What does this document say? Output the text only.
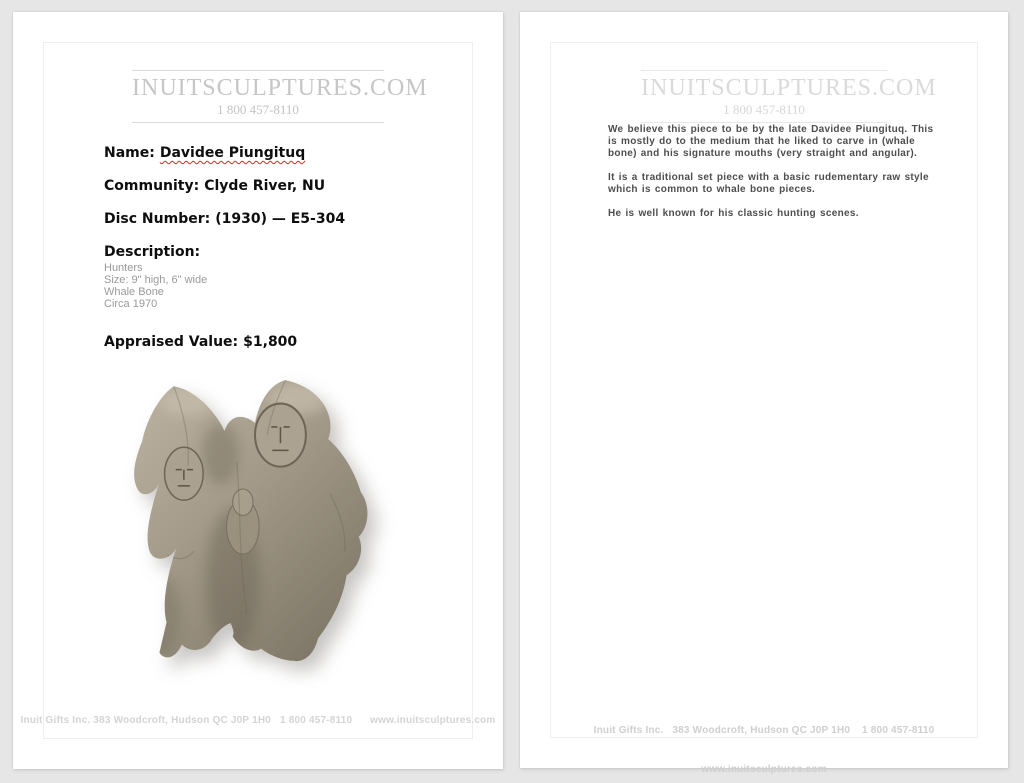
INUITSCULPTURES.COM
1 800 457-8110
Name: Davidee Piungituq
Community: Clyde River, NU
Disc Number: (1930) — E5-304
Description:
Hunters
Size: 9" high, 6" wide
Whale Bone
Circa 1970
Appraised Value: $1,800
Inuit Gifts Inc. 383 Woodcroft, Hudson QC J0P 1H0   1 800 457-8110      www.inuitsculptures.com
INUITSCULPTURES.COM
1 800 457-8110

We believe this piece to be by the late Davidee Piungituq. This is mostly do to the medium that he liked to carve in (whale bone) and his signature mouths (very straight and angular).

It is a traditional set piece with a basic rudementary raw style which is common to whale bone pieces.

He is well known for his classic hunting scenes.

Inuit Gifts Inc.   383 Woodcroft, Hudson QC J0P 1H0    1 800 457-8110

www.inuitsculptures.com
